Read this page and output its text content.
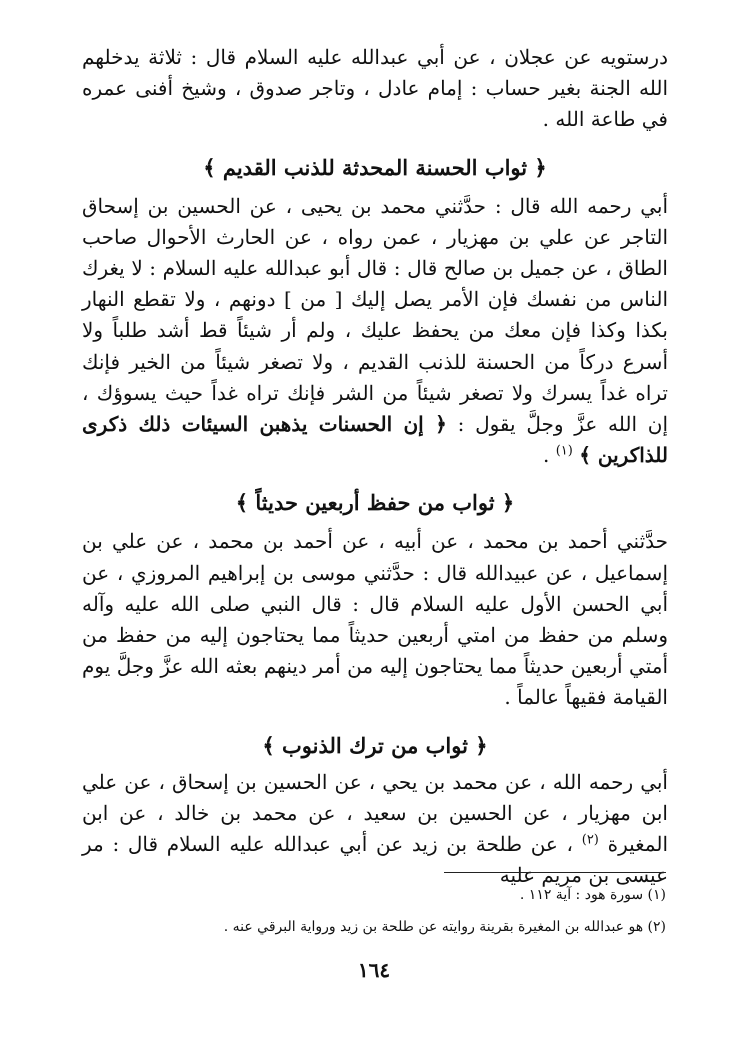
درستويه عن عجلان ، عن أبي عبدالله عليه السلام قال : ثلاثة يدخلهم الله الجنة بغير حساب : إمام عادل ، وتاجر صدوق ، وشيخ أفنى عمره في طاعة الله .

﴿ ثواب الحسنة المحدثة للذنب القديم ﴾

أبي رحمه الله قال : حدَّثني محمد بن يحيى ، عن الحسين بن إسحاق التاجر عن علي بن مهزيار ، عمن رواه ، عن الحارث الأحوال صاحب الطاق ، عن جميل بن صالح قال : قال أبو عبدالله عليه السلام : لا يغرك الناس من نفسك فإن الأمر يصل إليك [ من ] دونهم ، ولا تقطع النهار بكذا وكذا فإن معك من يحفظ عليك ، ولم أر شيئاً قط أشد طلباً ولا أسرع دركاً من الحسنة للذنب القديم ، ولا تصغر شيئاً من الخير فإنك تراه غداً يسرك ولا تصغر شيئاً من الشر فإنك تراه غداً حيث يسوؤك ، إن الله عزَّ وجلَّ يقول : ﴿ إن الحسنات يذهبن السيئات ذلك ذكرى للذاكرين ﴾ $^{(١)}$ .

﴿ ثواب من حفظ أربعين حديثاً ﴾

حدَّثني أحمد بن محمد ، عن أبيه ، عن أحمد بن محمد ، عن علي بن إسماعيل ، عن عبيدالله قال : حدَّثني موسى بن إبراهيم المروزي ، عن أبي الحسن الأول عليه السلام قال : قال النبي صلى الله عليه وآله وسلم من حفظ من امتي أربعين حديثاً مما يحتاجون إليه من حفظ من أمتي أربعين حديثاً مما يحتاجون إليه من أمر دينهم بعثه الله عزَّ وجلَّ يوم القيامة فقيهاً عالماً .

﴿ ثواب من ترك الذنوب ﴾

أبي رحمه الله ، عن محمد بن يحي ، عن الحسين بن إسحاق ، عن علي ابن مهزيار ، عن الحسين بن سعيد ، عن محمد بن خالد ، عن ابن المغيرة $^{(٢)}$ ، عن طلحة بن زيد عن أبي عبدالله عليه السلام قال : مر عيسى بن مريم عليه

(١) سورة هود : آية ١١٢ .

(٢) هو عبدالله بن المغيرة بقرينة روايته عن طلحة بن زيد ورواية البرقي عنه .

١٦٤
